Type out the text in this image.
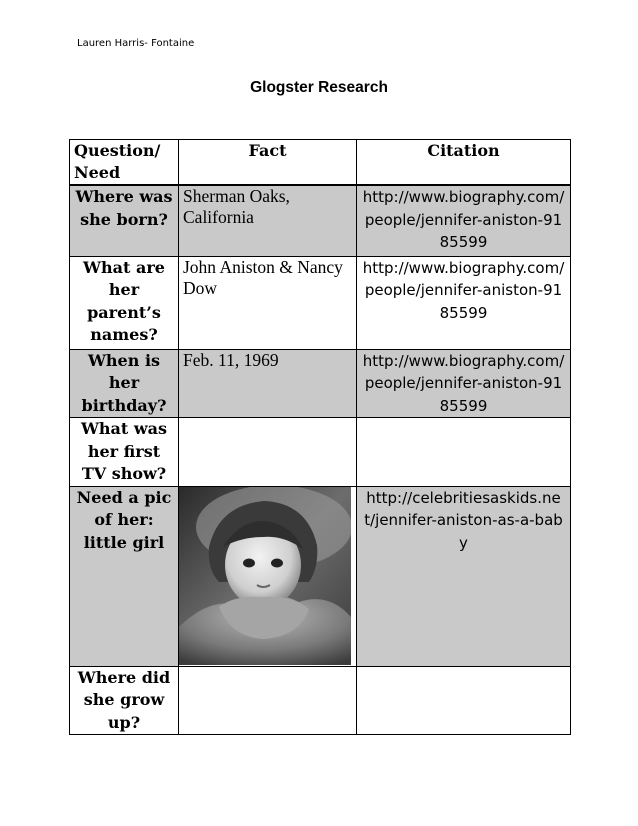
Lauren Harris- Fontaine
Glogster Research
Question/ Need	Fact	Citation
Where was she born?	Sherman Oaks, California	http://www.biography.com/people/jennifer-aniston-9185599
What are her parent’s names?	John Aniston & Nancy Dow	http://www.biography.com/people/jennifer-aniston-9185599
When is her birthday?	Feb. 11, 1969	http://www.biography.com/people/jennifer-aniston-9185599
What was her first TV show?		
Need a pic of her: little girl		http://celebritiesaskids.net/jennifer-aniston-as-a-baby
Where did she grow up?		
